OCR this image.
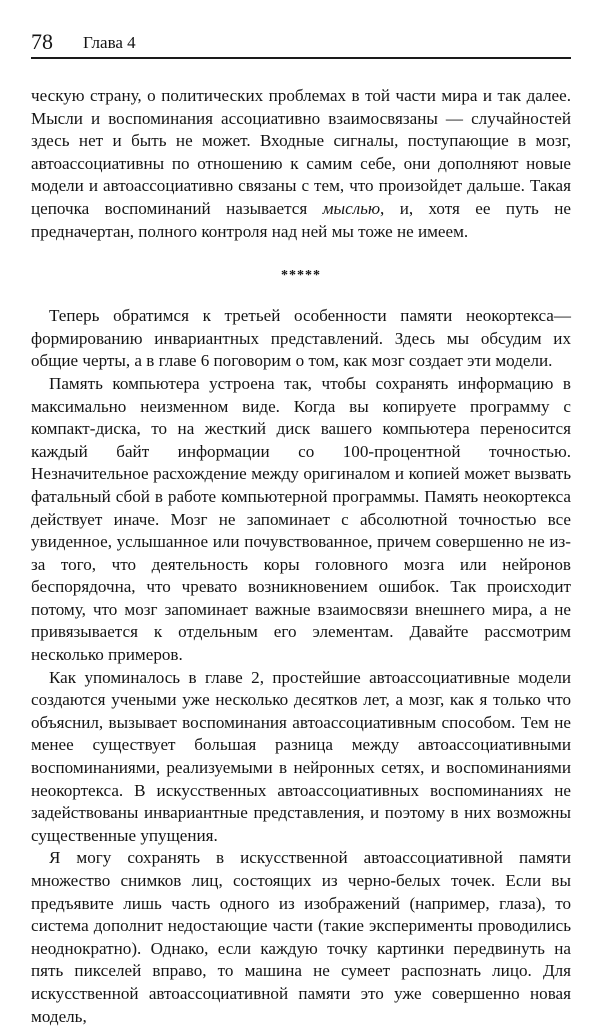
78 Глава 4

ческую страну, о политических проблемах в той части мира и так далее. Мысли и воспоминания ассоциативно взаимосвязаны — случайностей здесь нет и быть не может. Входные сигналы, поступающие в мозг, автоассоциативны по отношению к самим себе, они дополняют новые модели и автоассоциативно связаны с тем, что произойдет дальше. Такая цепочка воспоминаний называется мыслью, и, хотя ее путь не предначертан, полного контроля над ней мы тоже не имеем.

*****

Теперь обратимся к третьей особенности памяти неокортекса— формированию инвариантных представлений. Здесь мы обсудим их общие черты, а в главе 6 поговорим о том, как мозг создает эти модели.

Память компьютера устроена так, чтобы сохранять информацию в максимально неизменном виде. Когда вы копируете программу с компакт-диска, то на жесткий диск вашего компьютера переносится каждый байт информации со 100-процентной точностью. Незначительное расхождение между оригиналом и копией может вызвать фатальный сбой в работе компьютерной программы. Память неокортекса действует иначе. Мозг не запоминает с абсолютной точностью все увиденное, услышанное или почувствованное, причем совершенно не из-за того, что деятельность коры головного мозга или нейронов беспорядочна, что чревато возникновением ошибок. Так происходит потому, что мозг запоминает важные взаимосвязи внешнего мира, а не привязывается к отдельным его элементам. Давайте рассмотрим несколько примеров.

Как упоминалось в главе 2, простейшие автоассоциативные модели создаются учеными уже несколько десятков лет, а мозг, как я только что объяснил, вызывает воспоминания автоассоциативным способом. Тем не менее существует большая разница между автоассоциативными воспоминаниями, реализуемыми в нейронных сетях, и воспоминаниями неокортекса. В искусственных автоассоциативных воспоминаниях не задействованы инвариантные представления, и поэтому в них возможны существенные упущения.

Я могу сохранять в искусственной автоассоциативной памяти множество снимков лиц, состоящих из черно-белых точек. Если вы предъявите лишь часть одного из изображений (например, глаза), то система дополнит недостающие части (такие эксперименты проводились неоднократно). Однако, если каждую точку картинки передвинуть на пять пикселей вправо, то машина не сумеет распознать лицо. Для искусственной автоассоциативной памяти это уже совершенно новая модель,
